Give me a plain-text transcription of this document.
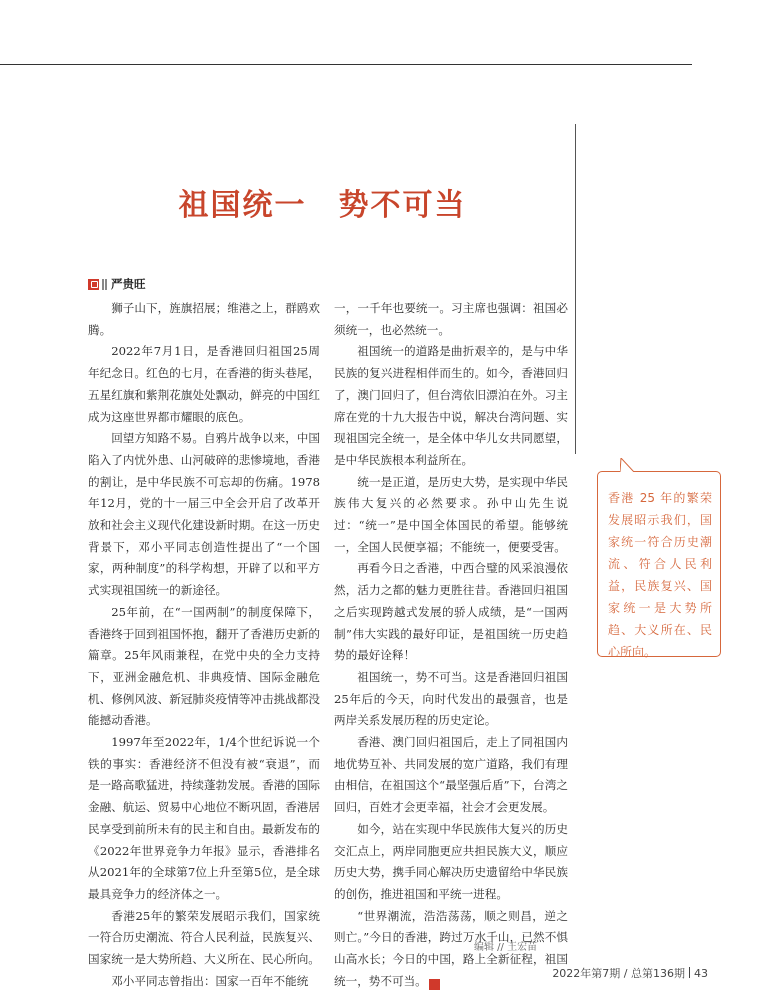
祖国统一　势不可当
严贵旺

狮子山下，旌旗招展；维港之上，群鸥欢腾。

2022年7月1日，是香港回归祖国25周年纪念日。红色的七月，在香港的街头巷尾，五星红旗和紫荆花旗处处飘动，鲜亮的中国红成为这座世界都市耀眼的底色。

回望方知路不易。自鸦片战争以来，中国陷入了内忧外患、山河破碎的悲惨境地，香港的割让，是中华民族不可忘却的伤痛。1978年12月，党的十一届三中全会开启了改革开放和社会主义现代化建设新时期。在这一历史背景下，邓小平同志创造性提出了“一个国家，两种制度”的科学构想，开辟了以和平方式实现祖国统一的新途径。

25年前，在“一国两制”的制度保障下，香港终于回到祖国怀抱，翻开了香港历史新的篇章。25年风雨兼程，在党中央的全力支持下，亚洲金融危机、非典疫情、国际金融危机、修例风波、新冠肺炎疫情等冲击挑战都没能撼动香港。

1997年至2022年，1/4个世纪诉说一个铁的事实：香港经济不但没有被“衰退”，而是一路高歌猛进，持续蓬勃发展。香港的国际金融、航运、贸易中心地位不断巩固，香港居民享受到前所未有的民主和自由。最新发布的《2022年世界竞争力年报》显示，香港排名从2021年的全球第7位上升至第5位，是全球最具竞争力的经济体之一。

香港25年的繁荣发展昭示我们，国家统一符合历史潮流、符合人民利益，民族复兴、国家统一是大势所趋、大义所在、民心所向。

邓小平同志曾指出：国家一百年不能统

一，一千年也要统一。习主席也强调：祖国必须统一，也必然统一。

祖国统一的道路是曲折艰辛的，是与中华民族的复兴进程相伴而生的。如今，香港回归了，澳门回归了，但台湾依旧漂泊在外。习主席在党的十九大报告中说，解决台湾问题、实现祖国完全统一，是全体中华儿女共同愿望，是中华民族根本利益所在。

统一是正道，是历史大势，是实现中华民族伟大复兴的必然要求。孙中山先生说过：“统一”是中国全体国民的希望。能够统一，全国人民便享福；不能统一，便要受害。

再看今日之香港，中西合璧的风采浪漫依然，活力之都的魅力更胜往昔。香港回归祖国之后实现跨越式发展的骄人成绩，是“一国两制”伟大实践的最好印证，是祖国统一历史趋势的最好诠释！

祖国统一，势不可当。这是香港回归祖国25年后的今天，向时代发出的最强音，也是两岸关系发展历程的历史定论。

香港、澳门回归祖国后，走上了同祖国内地优势互补、共同发展的宽广道路，我们有理由相信，在祖国这个“最坚强后盾”下，台湾之回归，百姓才会更幸福，社会才会更发展。

如今，站在实现中华民族伟大复兴的历史交汇点上，两岸同胞更应共担民族大义，顺应历史大势，携手同心解决历史遗留给中华民族的创伤，推进祖国和平统一进程。

“世界潮流，浩浩荡荡，顺之则昌，逆之则亡。”今日的香港，跨过万水千山，已然不惧山高水长；今日的中国，路上全新征程，祖国统一，势不可当。	G

香港 25 年的繁荣发展昭示我们，国家统一符合历史潮流、符合人民利益，民族复兴、国家统一是大势所趋、大义所在、民心所向。
编辑 // 王宏苗
2022年第7期 / 总第136期 43
